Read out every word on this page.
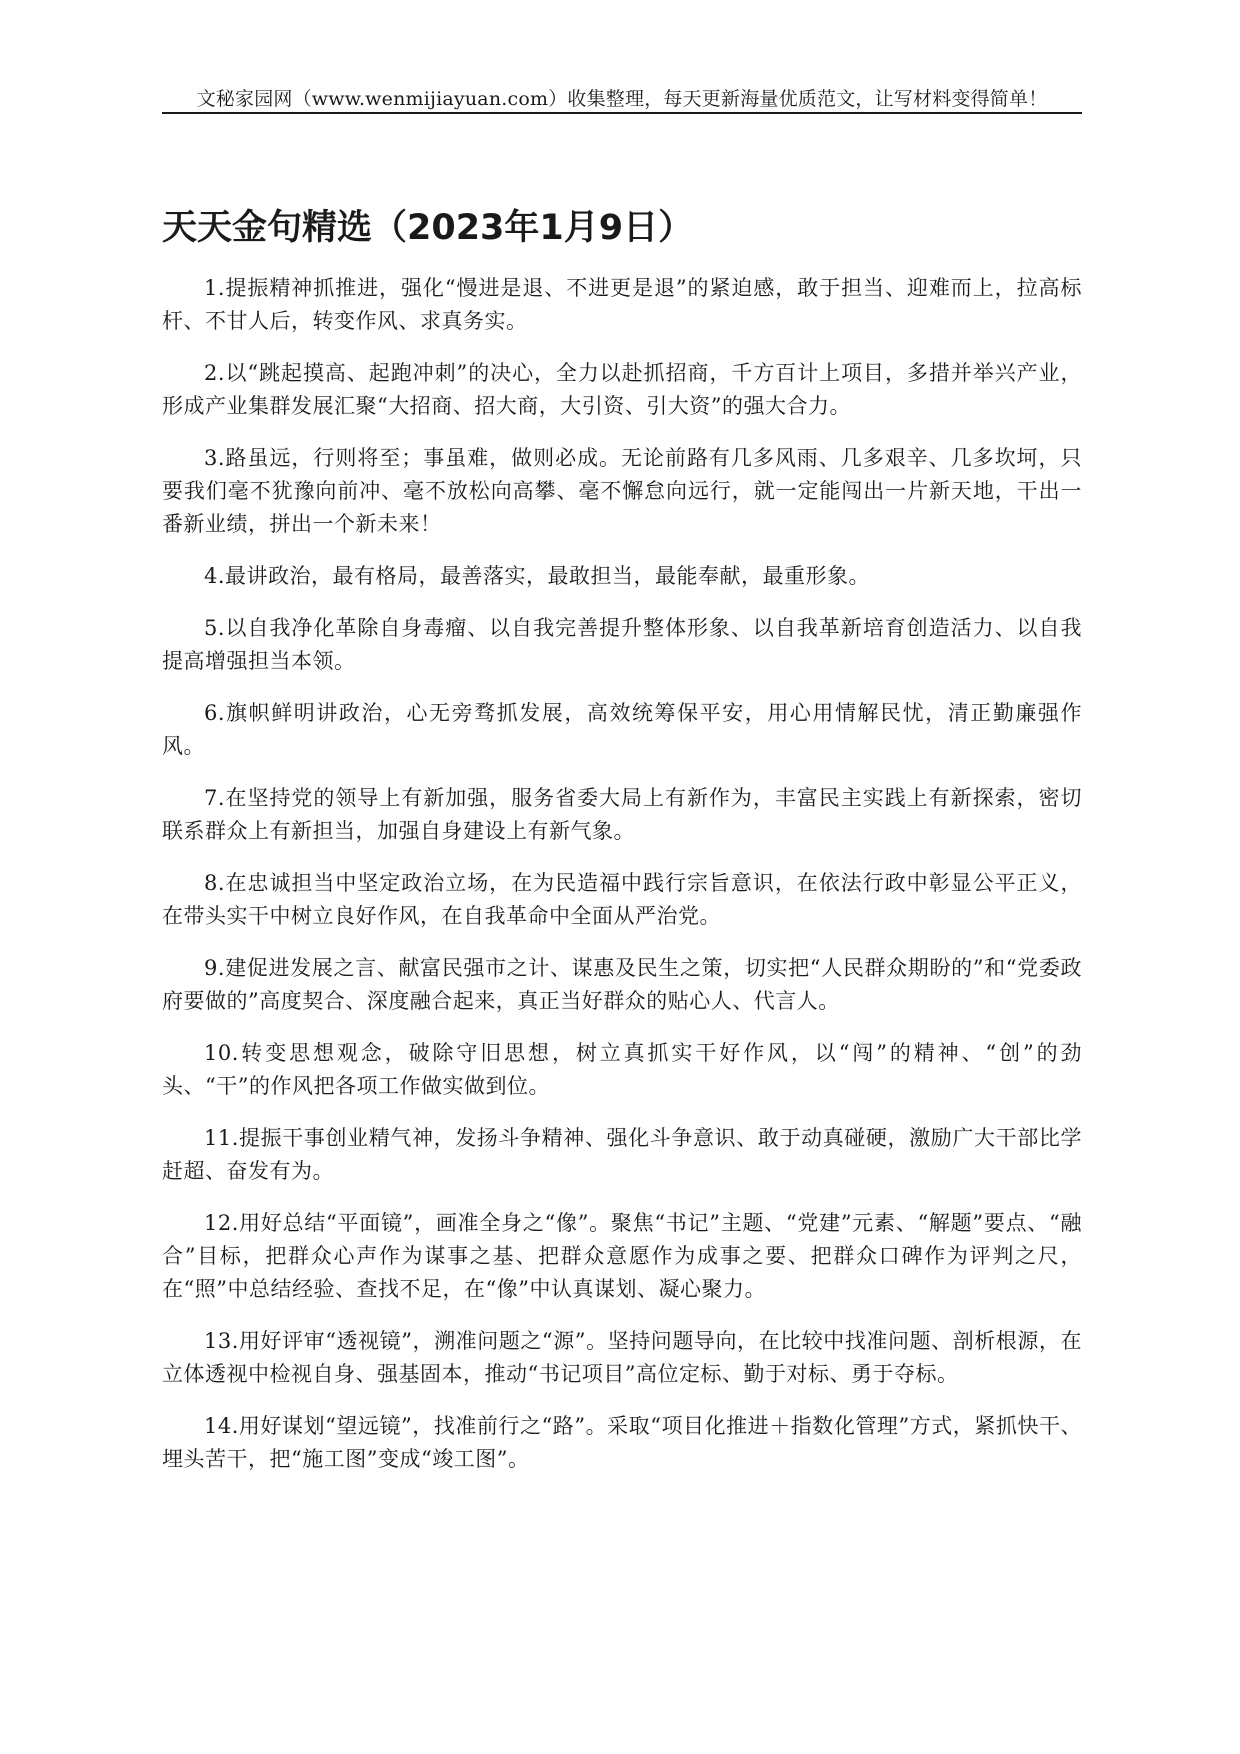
文秘家园网（www.wenmijiayuan.com）收集整理，每天更新海量优质范文，让写材料变得简单！
天天金句精选（2023年1月9日）

1.提振精神抓推进，强化“慢进是退、不进更是退”的紧迫感，敢于担当、迎难而上，拉高标杆、不甘人后，转变作风、求真务实。

2.以“跳起摸高、起跑冲刺”的决心，全力以赴抓招商，千方百计上项目，多措并举兴产业，形成产业集群发展汇聚“大招商、招大商，大引资、引大资”的强大合力。

3.路虽远，行则将至；事虽难，做则必成。无论前路有几多风雨、几多艰辛、几多坎坷，只要我们毫不犹豫向前冲、毫不放松向高攀、毫不懈怠向远行，就一定能闯出一片新天地，干出一番新业绩，拼出一个新未来！

4.最讲政治，最有格局，最善落实，最敢担当，最能奉献，最重形象。

5.以自我净化革除自身毒瘤、以自我完善提升整体形象、以自我革新培育创造活力、以自我提高增强担当本领。

6.旗帜鲜明讲政治，心无旁骛抓发展，高效统筹保平安，用心用情解民忧，清正勤廉强作风。

7.在坚持党的领导上有新加强，服务省委大局上有新作为，丰富民主实践上有新探索，密切联系群众上有新担当，加强自身建设上有新气象。

8.在忠诚担当中坚定政治立场，在为民造福中践行宗旨意识，在依法行政中彰显公平正义，在带头实干中树立良好作风，在自我革命中全面从严治党。

9.建促进发展之言、献富民强市之计、谋惠及民生之策，切实把“人民群众期盼的”和“党委政府要做的”高度契合、深度融合起来，真正当好群众的贴心人、代言人。

10.转变思想观念，破除守旧思想，树立真抓实干好作风，以“闯”的精神、“创”的劲头、“干”的作风把各项工作做实做到位。

11.提振干事创业精气神，发扬斗争精神、强化斗争意识、敢于动真碰硬，激励广大干部比学赶超、奋发有为。

12.用好总结“平面镜”，画准全身之“像”。聚焦“书记”主题、“党建”元素、“解题”要点、“融合”目标，把群众心声作为谋事之基、把群众意愿作为成事之要、把群众口碑作为评判之尺，在“照”中总结经验、查找不足，在“像”中认真谋划、凝心聚力。

13.用好评审“透视镜”，溯准问题之“源”。坚持问题导向，在比较中找准问题、剖析根源，在立体透视中检视自身、强基固本，推动“书记项目”高位定标、勤于对标、勇于夺标。

14.用好谋划“望远镜”，找准前行之“路”。采取“项目化推进＋指数化管理”方式，紧抓快干、埋头苦干，把“施工图”变成“竣工图”。
